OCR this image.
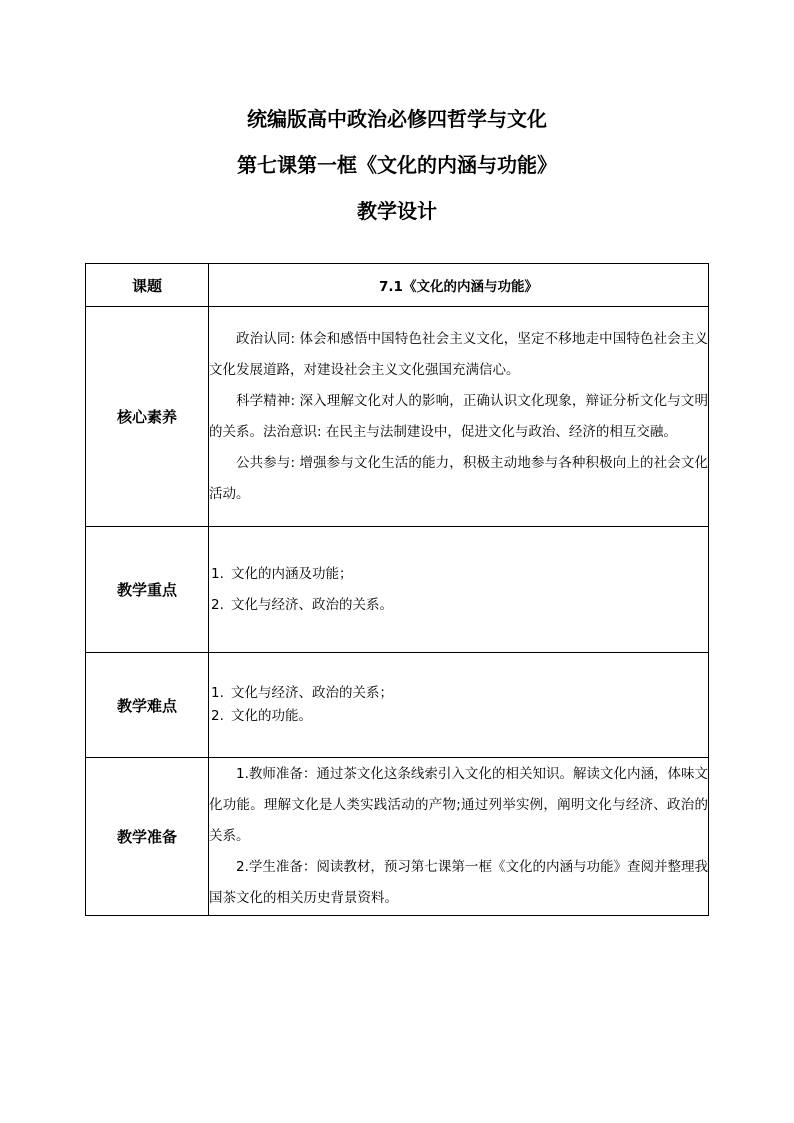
统编版高中政治必修四哲学与文化
第七课第一框《文化的内涵与功能》
教学设计
课题	7.1《文化的内涵与功能》
核心素养	政治认同: 体会和感悟中国特色社会主义文化，坚定不移地走中国特色社会主义文化发展道路，对建设社会主义文化强国充满信心。

科学精神: 深入理解文化对人的影响，正确认识文化现象，辩证分析文化与文明的关系。法治意识: 在民主与法制建设中，促进文化与政治、经济的相互交融。

公共参与: 增强参与文化生活的能力，积极主动地参与各种积极向上的社会文化活动。

教学重点	1. 文化的内涵及功能；
2. 文化与经济、政治的关系。

教学难点	1. 文化与经济、政治的关系；
2. 文化的功能。

教学准备	1.教师准备：通过茶文化这条线索引入文化的相关知识。解读文化内涵，体味文化功能。理解文化是人类实践活动的产物;通过列举实例，阐明文化与经济、政治的关系。

2.学生准备：阅读教材，预习第七课第一框《文化的内涵与功能》查阅并整理我国茶文化的相关历史背景资料。
